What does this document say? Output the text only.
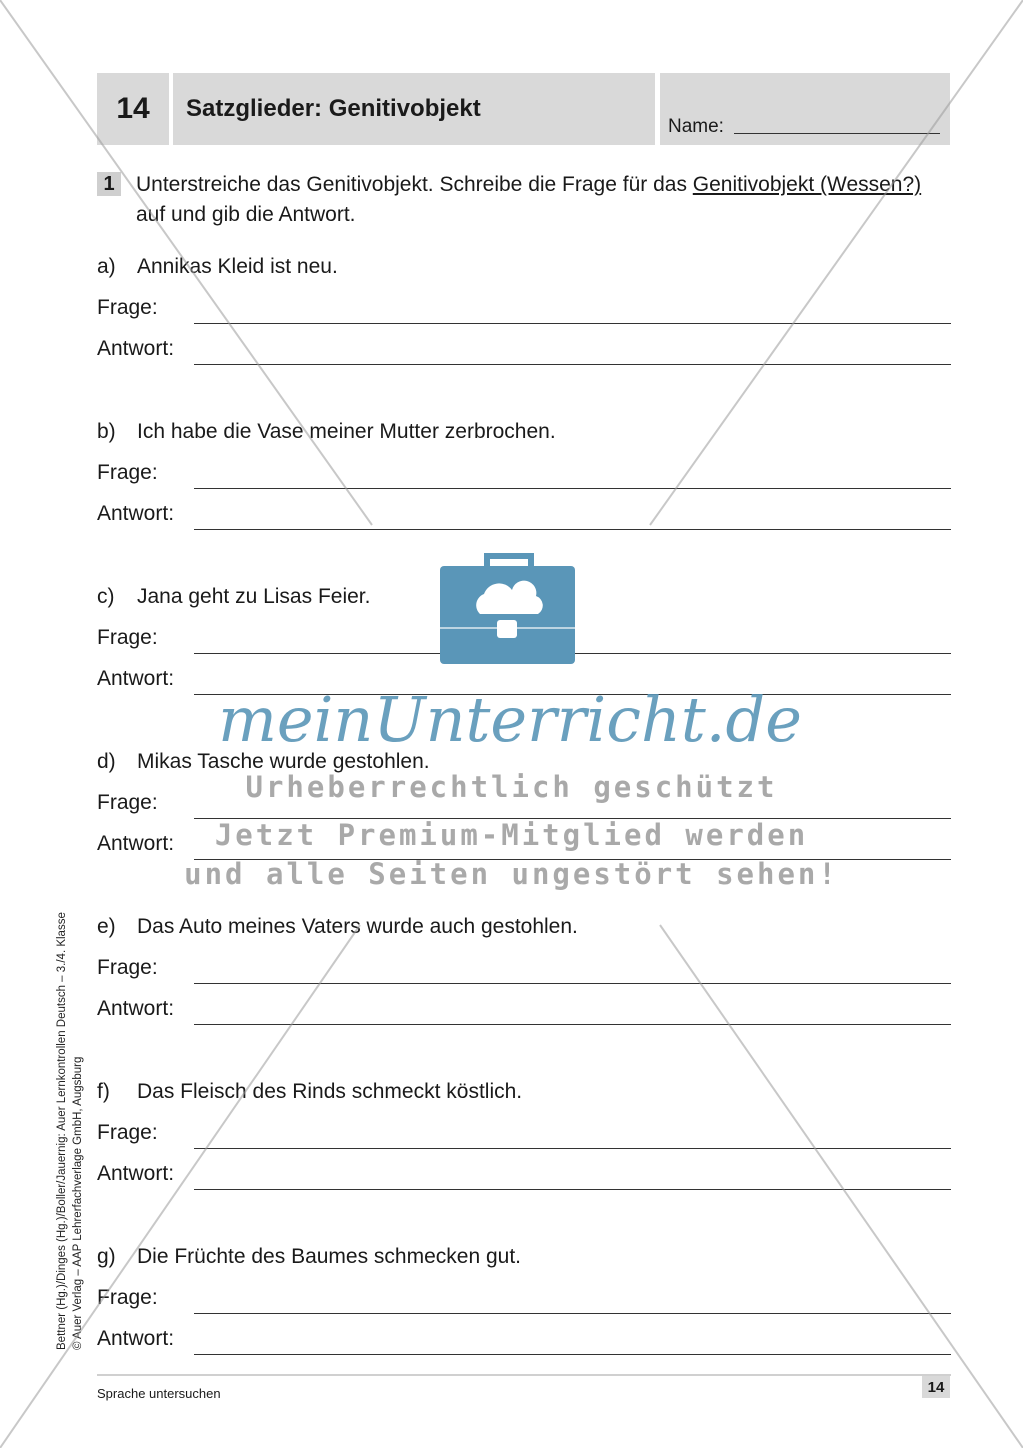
14	Satzglieder: Genitivobjekt
Name:
1	Unterstreiche das Genitivobjekt. Schreibe die Frage für das Genitivobjekt (Wessen?) auf und gib die Antwort.
a) Annikas Kleid ist neu.
Frage:
Antwort:
b) Ich habe die Vase meiner Mutter zerbrochen.
Frage:
Antwort:
c) Jana geht zu Lisas Feier.
Frage:
Antwort:
d) Mikas Tasche wurde gestohlen.
Frage:
Antwort:
e) Das Auto meines Vaters wurde auch gestohlen.
Frage:
Antwort:
f) Das Fleisch des Rinds schmeckt köstlich.
Frage:
Antwort:
g) Die Früchte des Baumes schmecken gut.
Frage:
Antwort:
Bettner (Hg.)/Dinges (Hg.)/Boller/Jauernig: Auer Lernkontrollen Deutsch – 3./4. Klasse © Auer Verlag – AAP Lehrerfachverlage GmbH, Augsburg
Sprache untersuchen	14
meinUnterricht.de
Urheberrechtlich geschützt
Jetzt Premium-Mitglied werden
und alle Seiten ungestört sehen!
